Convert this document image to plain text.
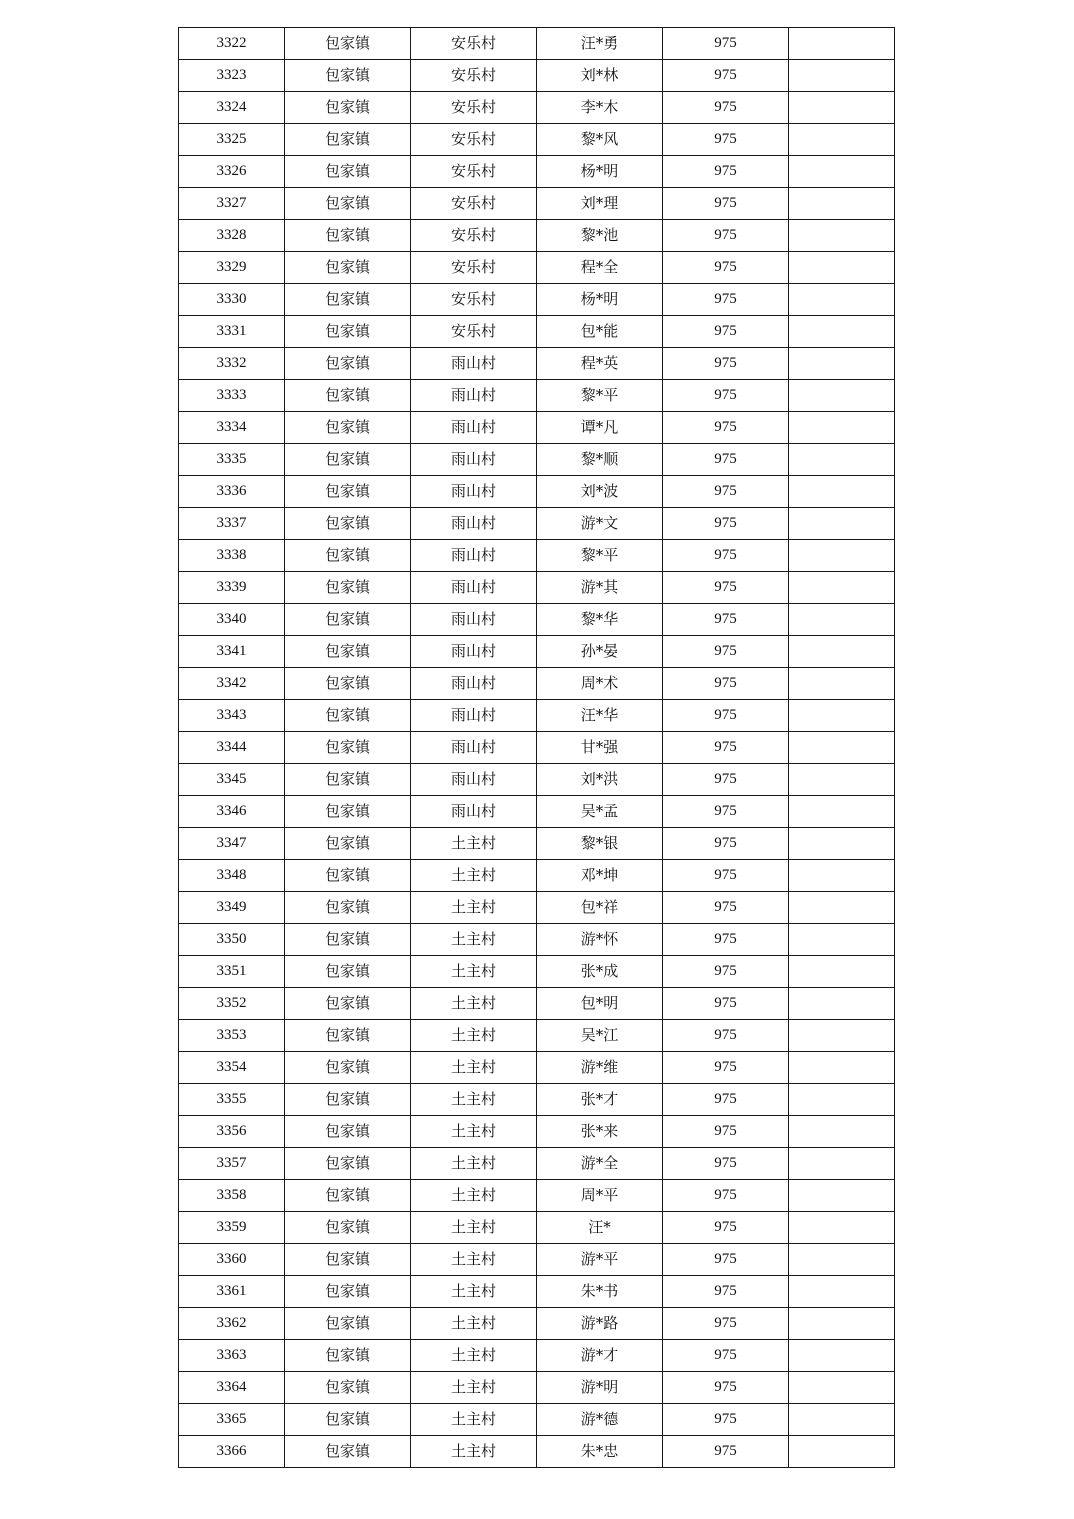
3322	包家镇	安乐村	汪*勇	975	
3323	包家镇	安乐村	刘*林	975	
3324	包家镇	安乐村	李*木	975	
3325	包家镇	安乐村	黎*风	975	
3326	包家镇	安乐村	杨*明	975	
3327	包家镇	安乐村	刘*理	975	
3328	包家镇	安乐村	黎*池	975	
3329	包家镇	安乐村	程*全	975	
3330	包家镇	安乐村	杨*明	975	
3331	包家镇	安乐村	包*能	975	
3332	包家镇	雨山村	程*英	975	
3333	包家镇	雨山村	黎*平	975	
3334	包家镇	雨山村	谭*凡	975	
3335	包家镇	雨山村	黎*顺	975	
3336	包家镇	雨山村	刘*波	975	
3337	包家镇	雨山村	游*文	975	
3338	包家镇	雨山村	黎*平	975	
3339	包家镇	雨山村	游*其	975	
3340	包家镇	雨山村	黎*华	975	
3341	包家镇	雨山村	孙*晏	975	
3342	包家镇	雨山村	周*术	975	
3343	包家镇	雨山村	汪*华	975	
3344	包家镇	雨山村	甘*强	975	
3345	包家镇	雨山村	刘*洪	975	
3346	包家镇	雨山村	吴*孟	975	
3347	包家镇	土主村	黎*银	975	
3348	包家镇	土主村	邓*坤	975	
3349	包家镇	土主村	包*祥	975	
3350	包家镇	土主村	游*怀	975	
3351	包家镇	土主村	张*成	975	
3352	包家镇	土主村	包*明	975	
3353	包家镇	土主村	吴*江	975	
3354	包家镇	土主村	游*维	975	
3355	包家镇	土主村	张*才	975	
3356	包家镇	土主村	张*来	975	
3357	包家镇	土主村	游*全	975	
3358	包家镇	土主村	周*平	975	
3359	包家镇	土主村	汪*	975	
3360	包家镇	土主村	游*平	975	
3361	包家镇	土主村	朱*书	975	
3362	包家镇	土主村	游*路	975	
3363	包家镇	土主村	游*才	975	
3364	包家镇	土主村	游*明	975	
3365	包家镇	土主村	游*德	975	
3366	包家镇	土主村	朱*忠	975	
